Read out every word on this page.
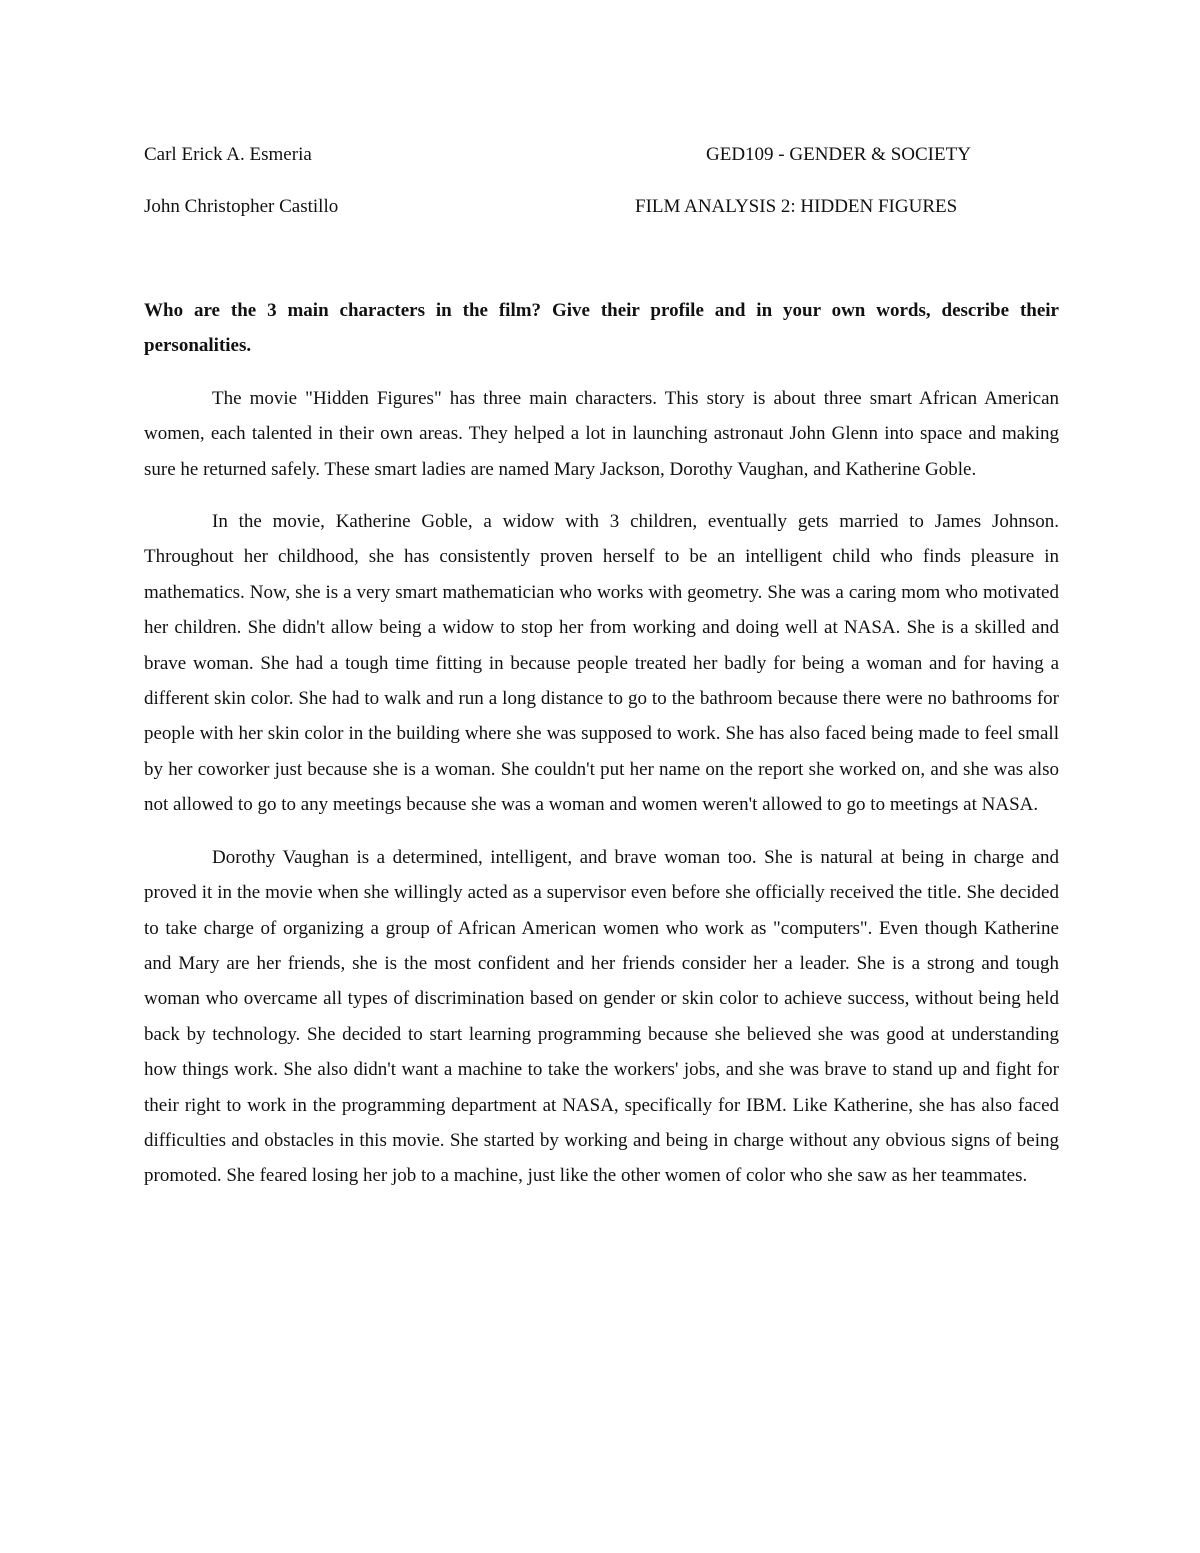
Carl Erick A. Esmeria	GED109 - GENDER & SOCIETY
John Christopher Castillo	FILM ANALYSIS 2: HIDDEN FIGURES

Who are the 3 main characters in the film? Give their profile and in your own words, describe their personalities.

The movie "Hidden Figures" has three main characters. This story is about three smart African American women, each talented in their own areas. They helped a lot in launching astronaut John Glenn into space and making sure he returned safely. These smart ladies are named Mary Jackson, Dorothy Vaughan, and Katherine Goble.

In the movie, Katherine Goble, a widow with 3 children, eventually gets married to James Johnson. Throughout her childhood, she has consistently proven herself to be an intelligent child who finds pleasure in mathematics. Now, she is a very smart mathematician who works with geometry. She was a caring mom who motivated her children. She didn't allow being a widow to stop her from working and doing well at NASA. She is a skilled and brave woman. She had a tough time fitting in because people treated her badly for being a woman and for having a different skin color. She had to walk and run a long distance to go to the bathroom because there were no bathrooms for people with her skin color in the building where she was supposed to work. She has also faced being made to feel small by her coworker just because she is a woman. She couldn't put her name on the report she worked on, and she was also not allowed to go to any meetings because she was a woman and women weren't allowed to go to meetings at NASA.

Dorothy Vaughan is a determined, intelligent, and brave woman too. She is natural at being in charge and proved it in the movie when she willingly acted as a supervisor even before she officially received the title. She decided to take charge of organizing a group of African American women who work as "computers". Even though Katherine and Mary are her friends, she is the most confident and her friends consider her a leader. She is a strong and tough woman who overcame all types of discrimination based on gender or skin color to achieve success, without being held back by technology. She decided to start learning programming because she believed she was good at understanding how things work. She also didn't want a machine to take the workers' jobs, and she was brave to stand up and fight for their right to work in the programming department at NASA, specifically for IBM. Like Katherine, she has also faced difficulties and obstacles in this movie. She started by working and being in charge without any obvious signs of being promoted. She feared losing her job to a machine, just like the other women of color who she saw as her teammates.
